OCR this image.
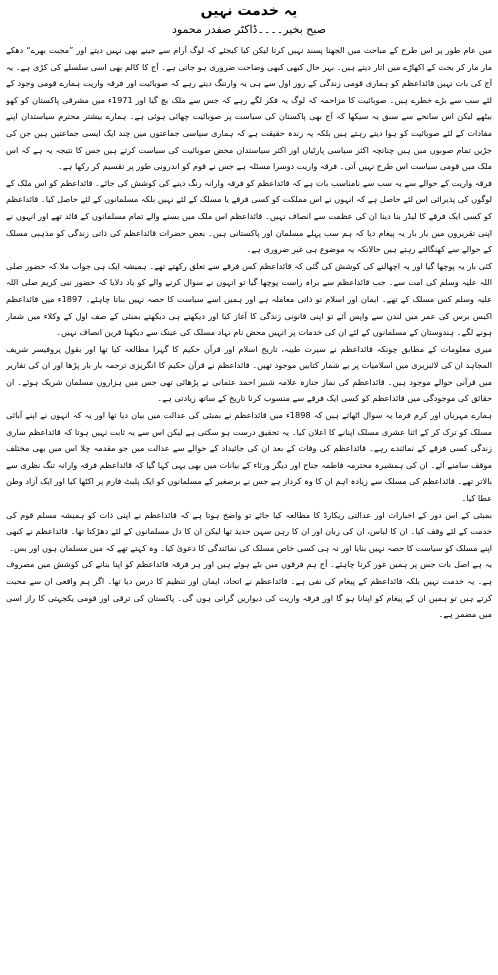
یہ خدمت نہیں
صبح بخیر۔۔۔۔ڈاکٹر صفدر محمود

میں عام طور پر اس طرح کے مباحث میں الجھنا پسند نہیں کرتا لیکن کیا کیجئے کہ لوگ آرام سے جینے بھی نہیں دیتے اور ”مجبت بھرے“ دھکے مار مار کر بحث کے اکھاڑے میں اتار دیتے ہیں۔ بہر حال کبھی کبھی وضاحت ضروری ہو جاتی ہے۔ آج کا کالم بھی اسی سلسلے کی کڑی ہے۔ یہ آج کی بات نہیں قائداعظم کو ہماری قومی زندگی کے روز اول سے ہی یہ وارننگ دیتے رہے کہ صوبائیت اور فرقہ واریت ہمارے قومی وجود کے لئے سب سے بڑے خطرے ہیں۔ صوبائیت کا مزاحمہ کہ لوگ یہ فکر لگے رہے کہ جس سے ملک بچ گیا اور 1971ء میں مشرقی پاکستان کو کھو بیٹھے لیکن اس سانحے سے سبق یہ سیکھا کہ آج بھی پاکستان کی سیاست پر صوبائیت چھائی ہوئی ہے۔ ہمارے بیشتر محترم سیاستدان اپنے مفادات کے لئے صوبائیت کو ہوا دیتے رہتے ہیں بلکہ یہ زندہ حقیقت ہے کہ ہماری سیاسی جماعتوں میں چند ایک ایسی جماعتیں ہیں جن کی جڑیں تمام صوبوں میں ہیں چنانچہ اکثر سیاسی پارٹیاں اور اکثر سیاستدان محض صوبائیت کی سیاست کرتے ہیں جس کا نتیجہ یہ ہے کہ اس ملک میں قومی سیاست اس طرح نہیں آتی۔ فرقہ واریت دوسرا مسئلہ ہے جس نے قوم کو اندرونی طور پر تقسیم کر رکھا ہے۔

فرقہ واریت کے حوالے سے یہ سب سے نامناسب بات ہے کہ قائداعظم کو فرقہ وارانہ رنگ دینے کی کوشش کی جائے۔ قائداعظم کو اس ملک کے لوگوں کی پذیرائی اس لئے حاصل ہے کہ انہوں نے اس مملکت کو کسی فرقے یا مسلک کے لئے نہیں بلکہ مسلمانوں کے لئے حاصل کیا۔ قائداعظم کو کسی ایک فرقے کا لیڈر بنا دینا ان کی عظمت سے انصاف نہیں۔ قائداعظم اس ملک میں بسنے والے تمام مسلمانوں کے قائد تھے اور انہوں نے اپنی تقریروں میں بار بار یہ پیغام دیا کہ ہم سب پہلے مسلمان اور پاکستانی ہیں۔ بعض حضرات قائداعظم کی ذاتی زندگی کو مذہبی مسلک کے حوالے سے کھنگالتے رہتے ہیں حالانکہ یہ موضوع ہی غیر ضروری ہے۔

کئی بار یہ پوچھا گیا اور یہ اچھالنے کی کوشش کی گئی کہ قائداعظم کس فرقے سے تعلق رکھتے تھے۔ ہمیشہ ایک ہی جواب ملا کہ حضور صلی اللہ علیہ وسلم کی امت سے۔ جب قائداعظم سے براہ راست پوچھا گیا تو انہوں نے سوال کرنے والے کو یاد دلایا کہ حضور نبی کریم صلی اللہ علیہ وسلم کس مسلک کے تھے۔ ایمان اور اسلام تو ذاتی معاملہ ہے اور ہمیں اسے سیاست کا حصہ نہیں بنانا چاہئے۔ 1897ء میں قائداعظم اکیس برس کی عمر میں لندن سے واپس آئے تو اپنی قانونی زندگی کا آغاز کیا اور دیکھتے ہی دیکھتے بمبئی کے صف اول کے وکلاء میں شمار ہونے لگے۔ ہندوستان کے مسلمانوں کے لئے ان کی خدمات پر انہیں محض نام نہاد مسلک کی عینک سے دیکھنا قرین انصاف نہیں۔

میری معلومات کے مطابق چونکہ قائداعظم نے سیرت طیبہ، تاریخ اسلام اور قرآن حکیم کا گہرا مطالعہ کیا تھا اور بقول پروفیسر شریف المجاہد ان کی لائبریری میں اسلامیات پر بے شمار کتابیں موجود تھیں۔ قائداعظم نے قرآن حکیم کا انگریزی ترجمہ بار بار پڑھا اور ان کی تقاریر میں قرآنی حوالے موجود ہیں۔ قائداعظم کی نماز جنازہ علامہ شبیر احمد عثمانی نے پڑھائی تھی جس میں ہزاروں مسلمان شریک ہوئے۔ ان حقائق کی موجودگی میں قائداعظم کو کسی ایک فرقے سے منسوب کرنا تاریخ کے ساتھ زیادتی ہے۔

ہمارے مہربان اور کرم فرما یہ سوال اٹھاتے ہیں کہ 1898ء میں قائداعظم نے بمبئی کی عدالت میں بیان دیا تھا اور یہ کہ انہوں نے اپنے آبائی مسلک کو ترک کر کے اثنا عشری مسلک اپنانے کا اعلان کیا۔ یہ تحقیق درست ہو سکتی ہے لیکن اس سے یہ ثابت نہیں ہوتا کہ قائداعظم ساری زندگی کسی فرقے کے نمائندے رہے۔ قائداعظم کی وفات کے بعد ان کی جائیداد کے حوالے سے عدالت میں جو مقدمہ چلا اس میں بھی مختلف موقف سامنے آئے۔ ان کی ہمشیرہ محترمہ فاطمہ جناح اور دیگر ورثاء کے بیانات میں بھی یہی کہا گیا کہ قائداعظم فرقہ وارانہ تنگ نظری سے بالاتر تھے۔ قائداعظم کی مسلک سے زیادہ اہم ان کا وہ کردار ہے جس نے برصغیر کے مسلمانوں کو ایک پلیٹ فارم پر اکٹھا کیا اور ایک آزاد وطن عطا کیا۔

بمبئی کے اس دور کے اخبارات اور عدالتی ریکارڈ کا مطالعہ کیا جائے تو واضح ہوتا ہے کہ قائداعظم نے اپنی ذات کو ہمیشہ مسلم قوم کی خدمت کے لئے وقف کیا۔ ان کا لباس، ان کی زبان اور ان کا رہن سہن جدید تھا لیکن ان کا دل مسلمانوں کے لئے دھڑکتا تھا۔ قائداعظم نے کبھی اپنے مسلک کو سیاست کا حصہ نہیں بنایا اور نہ ہی کسی خاص مسلک کی نمائندگی کا دعویٰ کیا۔ وہ کہتے تھے کہ میں مسلمان ہوں اور بس۔

یہ ہے اصل بات جس پر ہمیں غور کرنا چاہئے۔ آج ہم فرقوں میں بٹے ہوئے ہیں اور ہر فرقہ قائداعظم کو اپنا بنانے کی کوشش میں مصروف ہے۔ یہ خدمت نہیں بلکہ قائداعظم کے پیغام کی نفی ہے۔ قائداعظم نے اتحاد، ایمان اور تنظیم کا درس دیا تھا۔ اگر ہم واقعی ان سے محبت کرتے ہیں تو ہمیں ان کے پیغام کو اپنانا ہو گا اور فرقہ واریت کی دیواریں گرانی ہوں گی۔ پاکستان کی ترقی اور قومی یکجہتی کا راز اسی میں مضمر ہے۔
